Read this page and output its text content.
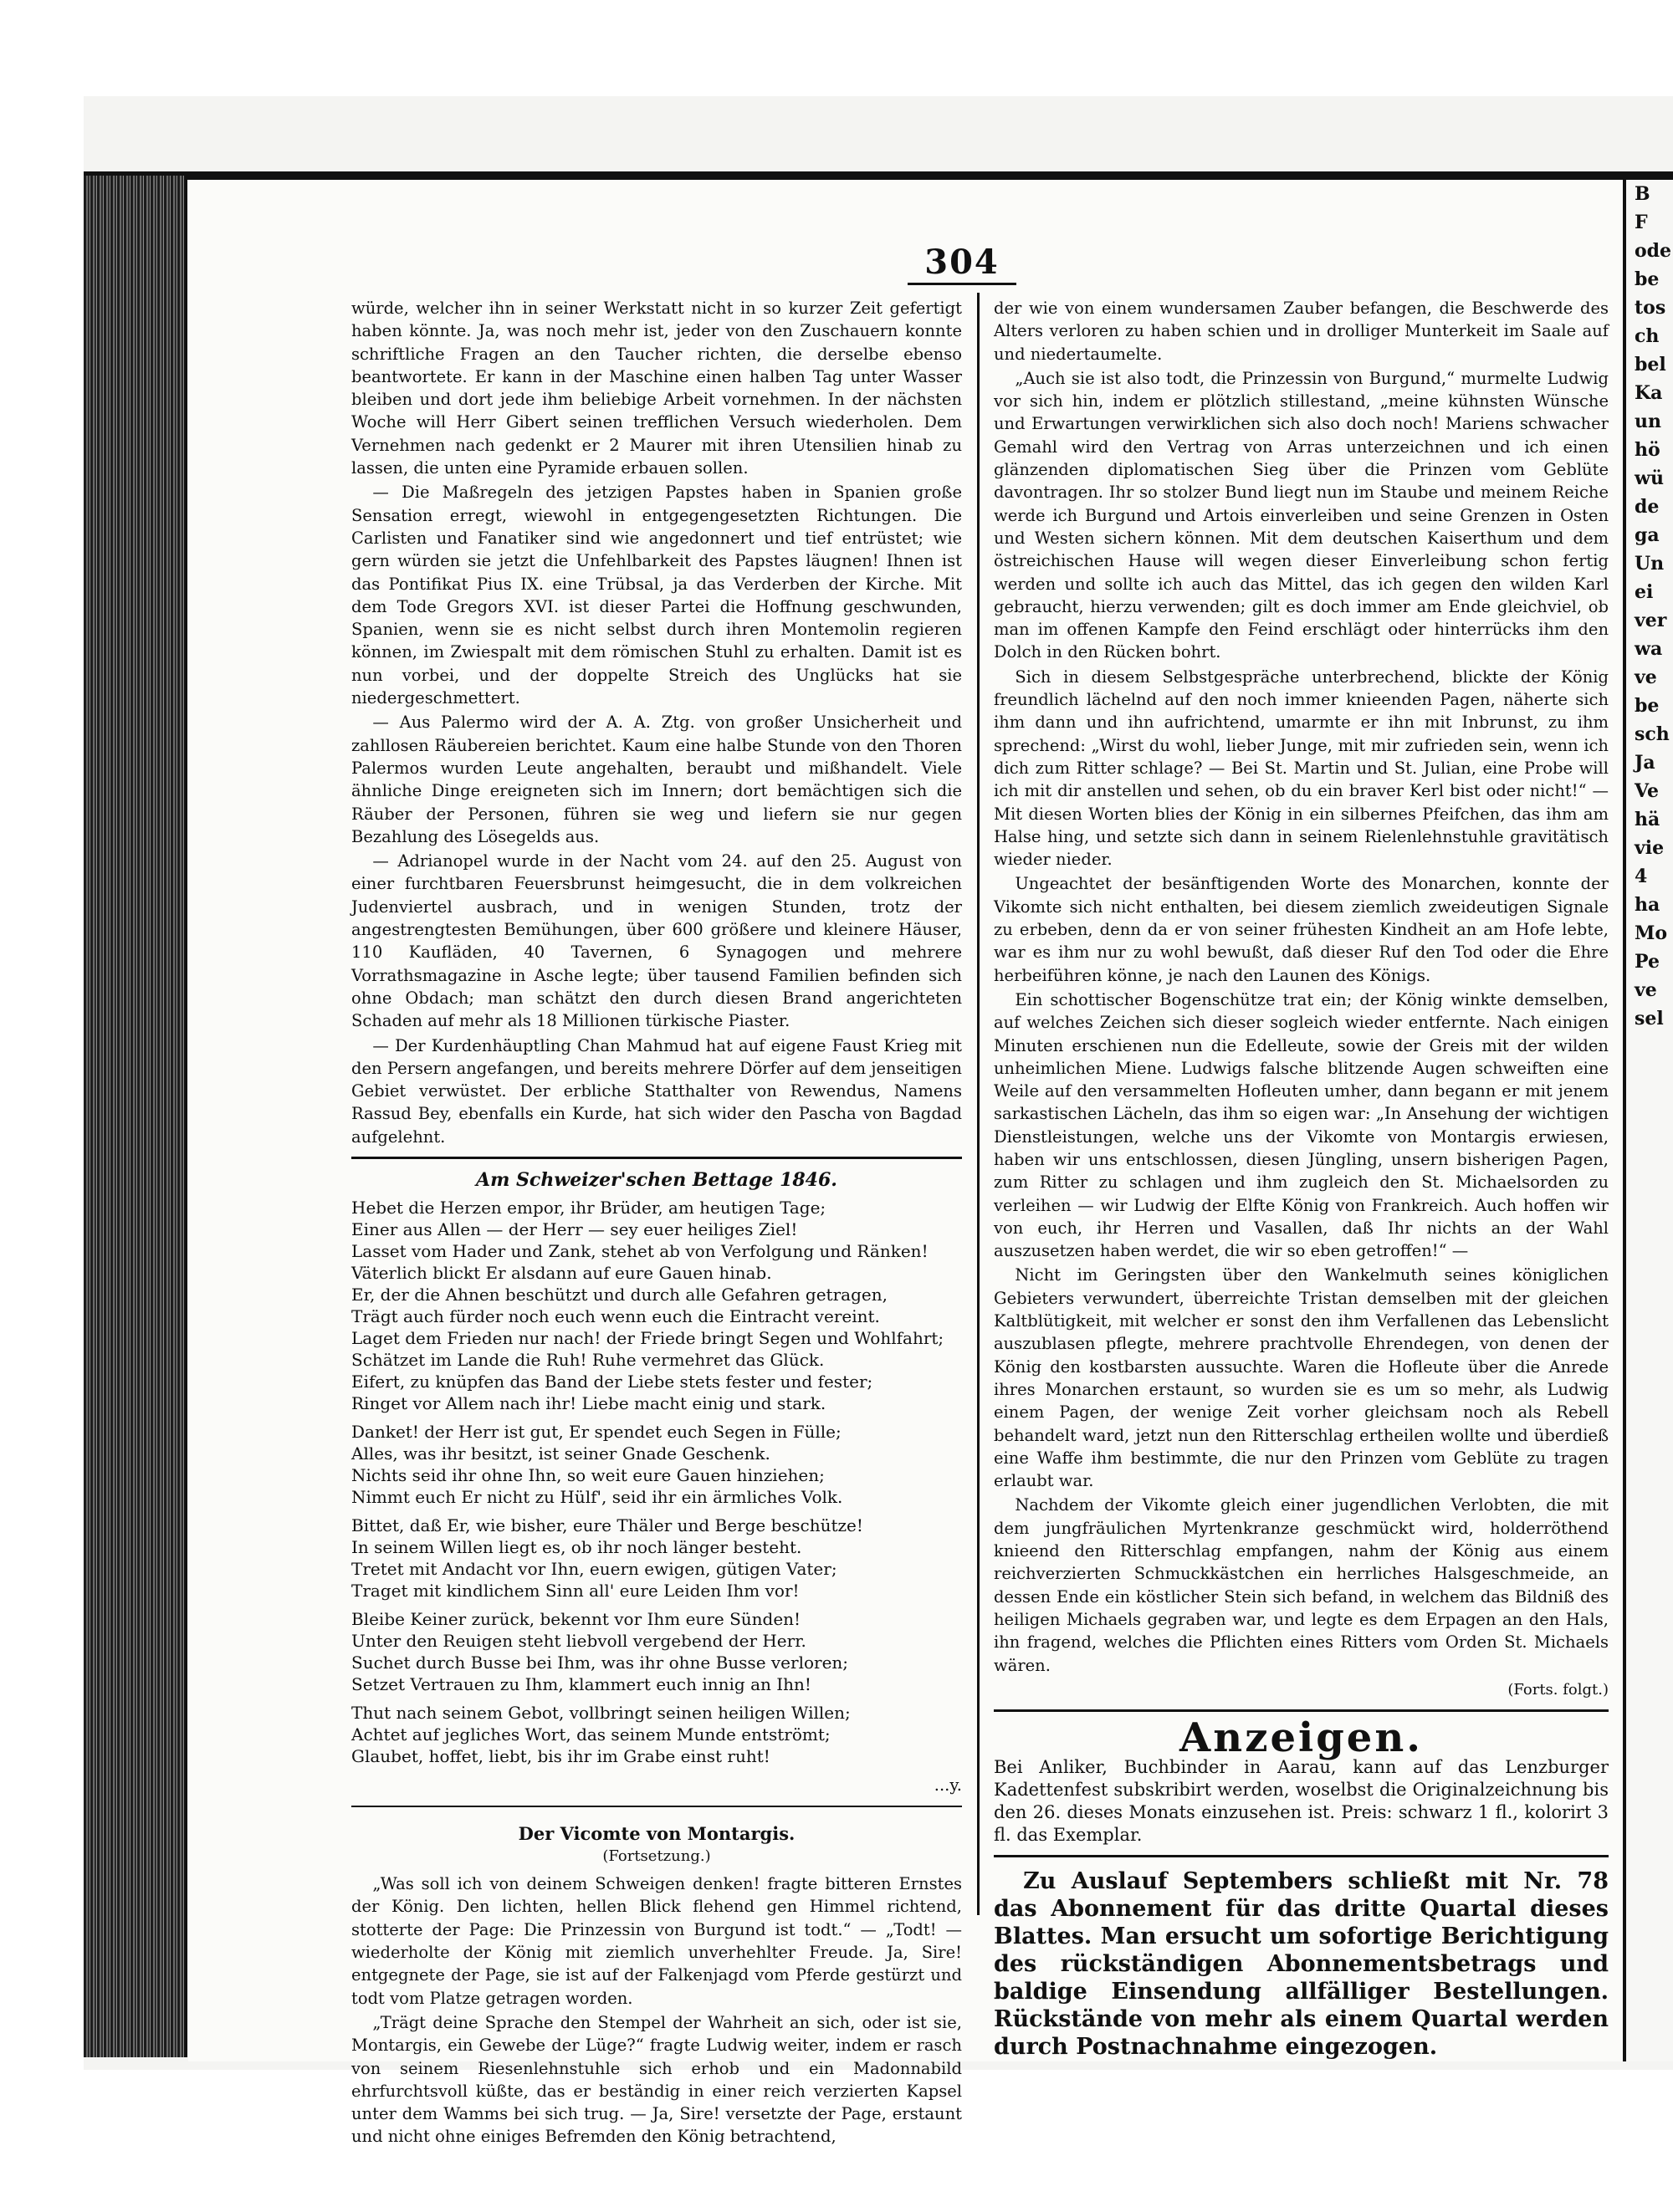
B
F
ode
be
tos
ch
bel
Ka
un
hö
wü
de
ga
Un
ei
ver
wa
ve
be
sch
Ja
Ve
hä
vie
4
ha
Mo
Pe
ve
sel
304

würde, welcher ihn in seiner Werkstatt nicht in so kurzer Zeit gefertigt haben könnte. Ja, was noch mehr ist, jeder von den Zuschauern konnte schriftliche Fragen an den Taucher richten, die derselbe ebenso beantwortete. Er kann in der Maschine einen halben Tag unter Wasser bleiben und dort jede ihm beliebige Arbeit vornehmen. In der nächsten Woche will Herr Gibert seinen trefflichen Versuch wiederholen. Dem Vernehmen nach gedenkt er 2 Maurer mit ihren Utensilien hinab zu lassen, die unten eine Pyramide erbauen sollen.

— Die Maßregeln des jetzigen Papstes haben in Spanien große Sensation erregt, wiewohl in entgegengesetzten Richtungen. Die Carlisten und Fanatiker sind wie angedonnert und tief entrüstet; wie gern würden sie jetzt die Unfehlbarkeit des Papstes läugnen! Ihnen ist das Pontifikat Pius IX. eine Trübsal, ja das Verderben der Kirche. Mit dem Tode Gregors XVI. ist dieser Partei die Hoffnung geschwunden, Spanien, wenn sie es nicht selbst durch ihren Montemolin regieren können, im Zwiespalt mit dem römischen Stuhl zu erhalten. Damit ist es nun vorbei, und der doppelte Streich des Unglücks hat sie niedergeschmettert.

— Aus Palermo wird der A. A. Ztg. von großer Unsicherheit und zahllosen Räubereien berichtet. Kaum eine halbe Stunde von den Thoren Palermos wurden Leute angehalten, beraubt und mißhandelt. Viele ähnliche Dinge ereigneten sich im Innern; dort bemächtigen sich die Räuber der Personen, führen sie weg und liefern sie nur gegen Bezahlung des Lösegelds aus.

— Adrianopel wurde in der Nacht vom 24. auf den 25. August von einer furchtbaren Feuersbrunst heimgesucht, die in dem volkreichen Judenviertel ausbrach, und in wenigen Stunden, trotz der angestrengtesten Bemühungen, über 600 größere und kleinere Häuser, 110 Kaufläden, 40 Tavernen, 6 Synagogen und mehrere Vorrathsmagazine in Asche legte; über tausend Familien befinden sich ohne Obdach; man schätzt den durch diesen Brand angerichteten Schaden auf mehr als 18 Millionen türkische Piaster.

— Der Kurdenhäuptling Chan Mahmud hat auf eigene Faust Krieg mit den Persern angefangen, und bereits mehrere Dörfer auf dem jenseitigen Gebiet verwüstet. Der erbliche Statthalter von Rewendus, Namens Rassud Bey, ebenfalls ein Kurde, hat sich wider den Pascha von Bagdad aufgelehnt.

Am Schweizer'schen Bettage 1846.
Hebet die Herzen empor, ihr Brüder, am heutigen Tage;
Einer aus Allen — der Herr — sey euer heiliges Ziel!
Lasset vom Hader und Zank, stehet ab von Verfolgung und Ränken!
Väterlich blickt Er alsdann auf eure Gauen hinab.
Er, der die Ahnen beschützt und durch alle Gefahren getragen,
Trägt auch fürder noch euch wenn euch die Eintracht vereint.
Laget dem Frieden nur nach! der Friede bringt Segen und Wohlfahrt;
Schätzet im Lande die Ruh! Ruhe vermehret das Glück.
Eifert, zu knüpfen das Band der Liebe stets fester und fester;
Ringet vor Allem nach ihr! Liebe macht einig und stark.
Danket! der Herr ist gut, Er spendet euch Segen in Fülle;
Alles, was ihr besitzt, ist seiner Gnade Geschenk.
Nichts seid ihr ohne Ihn, so weit eure Gauen hinziehen;
Nimmt euch Er nicht zu Hülf', seid ihr ein ärmliches Volk.
Bittet, daß Er, wie bisher, eure Thäler und Berge beschütze!
In seinem Willen liegt es, ob ihr noch länger besteht.
Tretet mit Andacht vor Ihn, euern ewigen, gütigen Vater;
Traget mit kindlichem Sinn all' eure Leiden Ihm vor!
Bleibe Keiner zurück, bekennt vor Ihm eure Sünden!
Unter den Reuigen steht liebvoll vergebend der Herr.
Suchet durch Busse bei Ihm, was ihr ohne Busse verloren;
Setzet Vertrauen zu Ihm, klammert euch innig an Ihn!
Thut nach seinem Gebot, vollbringt seinen heiligen Willen;
Achtet auf jegliches Wort, das seinem Munde entströmt;
Glaubet, hoffet, liebt, bis ihr im Grabe einst ruht!
...y.
Der Vicomte von Montargis.
(Fortsetzung.)

„Was soll ich von deinem Schweigen denken! fragte bitteren Ernstes der König. Den lichten, hellen Blick flehend gen Himmel richtend, stotterte der Page: Die Prinzessin von Burgund ist todt.“ — „Todt! — wiederholte der König mit ziemlich unverhehlter Freude. Ja, Sire! entgegnete der Page, sie ist auf der Falkenjagd vom Pferde gestürzt und todt vom Platze getragen worden.

„Trägt deine Sprache den Stempel der Wahrheit an sich, oder ist sie, Montargis, ein Gewebe der Lüge?“ fragte Ludwig weiter, indem er rasch von seinem Riesenlehnstuhle sich erhob und ein Madonnabild ehrfurchtsvoll küßte, das er beständig in einer reich verzierten Kapsel unter dem Wamms bei sich trug. — Ja, Sire! versetzte der Page, erstaunt und nicht ohne einiges Befremden den König betrachtend,

der wie von einem wundersamen Zauber befangen, die Beschwerde des Alters verloren zu haben schien und in drolliger Munterkeit im Saale auf und niedertaumelte.

„Auch sie ist also todt, die Prinzessin von Burgund,“ murmelte Ludwig vor sich hin, indem er plötzlich stillestand, „meine kühnsten Wünsche und Erwartungen verwirklichen sich also doch noch! Mariens schwacher Gemahl wird den Vertrag von Arras unterzeichnen und ich einen glänzenden diplomatischen Sieg über die Prinzen vom Geblüte davontragen. Ihr so stolzer Bund liegt nun im Staube und meinem Reiche werde ich Burgund und Artois einverleiben und seine Grenzen in Osten und Westen sichern können. Mit dem deutschen Kaiserthum und dem östreichischen Hause will wegen dieser Einverleibung schon fertig werden und sollte ich auch das Mittel, das ich gegen den wilden Karl gebraucht, hierzu verwenden; gilt es doch immer am Ende gleichviel, ob man im offenen Kampfe den Feind erschlägt oder hinterrücks ihm den Dolch in den Rücken bohrt.

Sich in diesem Selbstgespräche unterbrechend, blickte der König freundlich lächelnd auf den noch immer knieenden Pagen, näherte sich ihm dann und ihn aufrichtend, umarmte er ihn mit Inbrunst, zu ihm sprechend: „Wirst du wohl, lieber Junge, mit mir zufrieden sein, wenn ich dich zum Ritter schlage? — Bei St. Martin und St. Julian, eine Probe will ich mit dir anstellen und sehen, ob du ein braver Kerl bist oder nicht!“ — Mit diesen Worten blies der König in ein silbernes Pfeifchen, das ihm am Halse hing, und setzte sich dann in seinem Rielenlehnstuhle gravitätisch wieder nieder.

Ungeachtet der besänftigenden Worte des Monarchen, konnte der Vikomte sich nicht enthalten, bei diesem ziemlich zweideutigen Signale zu erbeben, denn da er von seiner frühesten Kindheit an am Hofe lebte, war es ihm nur zu wohl bewußt, daß dieser Ruf den Tod oder die Ehre herbeiführen könne, je nach den Launen des Königs.

Ein schottischer Bogenschütze trat ein; der König winkte demselben, auf welches Zeichen sich dieser sogleich wieder entfernte. Nach einigen Minuten erschienen nun die Edelleute, sowie der Greis mit der wilden unheimlichen Miene. Ludwigs falsche blitzende Augen schweiften eine Weile auf den versammelten Hofleuten umher, dann begann er mit jenem sarkastischen Lächeln, das ihm so eigen war: „In Ansehung der wichtigen Dienstleistungen, welche uns der Vikomte von Montargis erwiesen, haben wir uns entschlossen, diesen Jüngling, unsern bisherigen Pagen, zum Ritter zu schlagen und ihm zugleich den St. Michaelsorden zu verleihen — wir Ludwig der Elfte König von Frankreich. Auch hoffen wir von euch, ihr Herren und Vasallen, daß Ihr nichts an der Wahl auszusetzen haben werdet, die wir so eben getroffen!“ —

Nicht im Geringsten über den Wankelmuth seines königlichen Gebieters verwundert, überreichte Tristan demselben mit der gleichen Kaltblütigkeit, mit welcher er sonst den ihm Verfallenen das Lebenslicht auszublasen pflegte, mehrere prachtvolle Ehrendegen, von denen der König den kostbarsten aussuchte. Waren die Hofleute über die Anrede ihres Monarchen erstaunt, so wurden sie es um so mehr, als Ludwig einem Pagen, der wenige Zeit vorher gleichsam noch als Rebell behandelt ward, jetzt nun den Ritterschlag ertheilen wollte und überdieß eine Waffe ihm bestimmte, die nur den Prinzen vom Geblüte zu tragen erlaubt war.

Nachdem der Vikomte gleich einer jugendlichen Verlobten, die mit dem jungfräulichen Myrtenkranze geschmückt wird, holderröthend knieend den Ritterschlag empfangen, nahm der König aus einem reichverzierten Schmuckkästchen ein herrliches Halsgeschmeide, an dessen Ende ein köstlicher Stein sich befand, in welchem das Bildniß des heiligen Michaels gegraben war, und legte es dem Erpagen an den Hals, ihn fragend, welches die Pflichten eines Ritters vom Orden St. Michaels wären.

(Forts. folgt.)
Anzeigen.

Bei Anliker, Buchbinder in Aarau, kann auf das Lenzburger Kadettenfest subskribirt werden, woselbst die Originalzeichnung bis den 26. dieses Monats einzusehen ist. Preis: schwarz 1 fl., kolorirt 3 fl. das Exemplar.

Zu Auslauf Septembers schließt mit Nr. 78 das Abonnement für das dritte Quartal dieses Blattes. Man ersucht um sofortige Berichtigung des rückständigen Abonnementsbetrags und baldige Einsendung allfälliger Bestellungen. Rückstände von mehr als einem Quartal werden durch Postnachnahme eingezogen.
